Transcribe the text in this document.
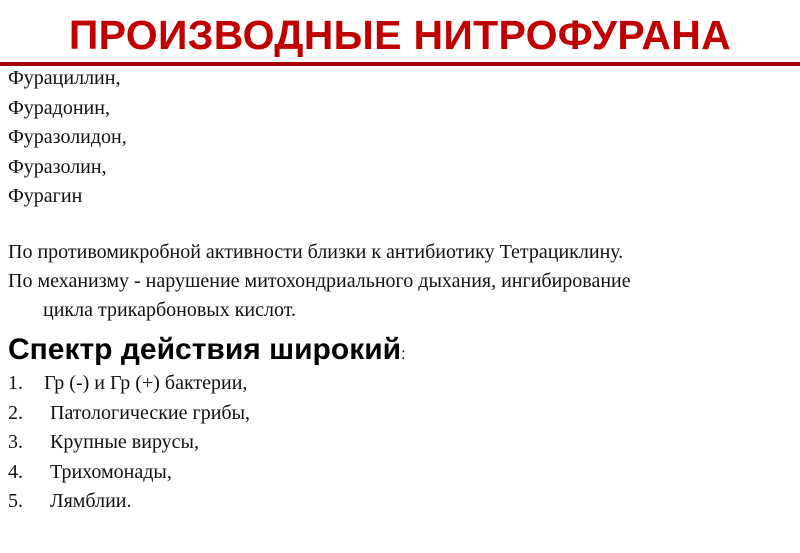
ПРОИЗВОДНЫЕ НИТРОФУРАНА
Фурациллин,
Фурадонин,
Фуразолидон,
Фуразолин,
Фурагин
По противомикробной активности близки к антибиотику Тетрациклину.
По механизму - нарушение митохондриального дыхания, ингибирование
цикла трикарбоновых кислот.
Спектр действия широкий:
1.	Гр (-) и Гр (+) бактерии,
2.	Патологические грибы,
3.	Крупные вирусы,
4.	Трихомонады,
5.	Лямблии.
